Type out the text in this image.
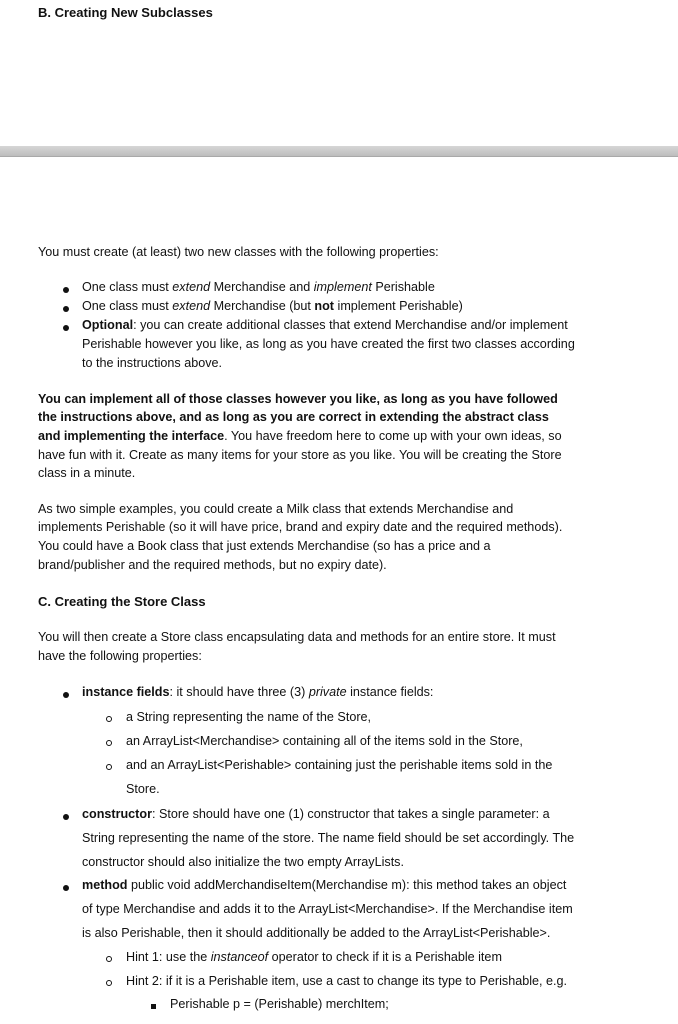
B. Creating New Subclasses
You must create (at least) two new classes with the following properties:
One class must extend Merchandise and implement Perishable
One class must extend Merchandise (but not implement Perishable)
Optional: you can create additional classes that extend Merchandise and/or implement
Perishable however you like, as long as you have created the first two classes according
to the instructions above.
You can implement all of those classes however you like, as long as you have followed
the instructions above, and as long as you are correct in extending the abstract class
and implementing the interface. You have freedom here to come up with your own ideas, so
have fun with it. Create as many items for your store as you like. You will be creating the Store
class in a minute.
As two simple examples, you could create a Milk class that extends Merchandise and
implements Perishable (so it will have price, brand and expiry date and the required methods).
You could have a Book class that just extends Merchandise (so has a price and a
brand/publisher and the required methods, but no expiry date).
C. Creating the Store Class
You will then create a Store class encapsulating data and methods for an entire store. It must
have the following properties:
instance fields: it should have three (3) private instance fields:
a String representing the name of the Store,
an ArrayList<Merchandise> containing all of the items sold in the Store,
and an ArrayList<Perishable> containing just the perishable items sold in the
Store.
constructor: Store should have one (1) constructor that takes a single parameter: a
String representing the name of the store. The name field should be set accordingly. The
constructor should also initialize the two empty ArrayLists.
method public void addMerchandiseItem(Merchandise m): this method takes an object
of type Merchandise and adds it to the ArrayList<Merchandise>. If the Merchandise item
is also Perishable, then it should additionally be added to the ArrayList<Perishable>.
Hint 1: use the instanceof operator to check if it is a Perishable item
Hint 2: if it is a Perishable item, use a cast to change its type to Perishable, e.g.
Perishable p = (Perishable) merchItem;
